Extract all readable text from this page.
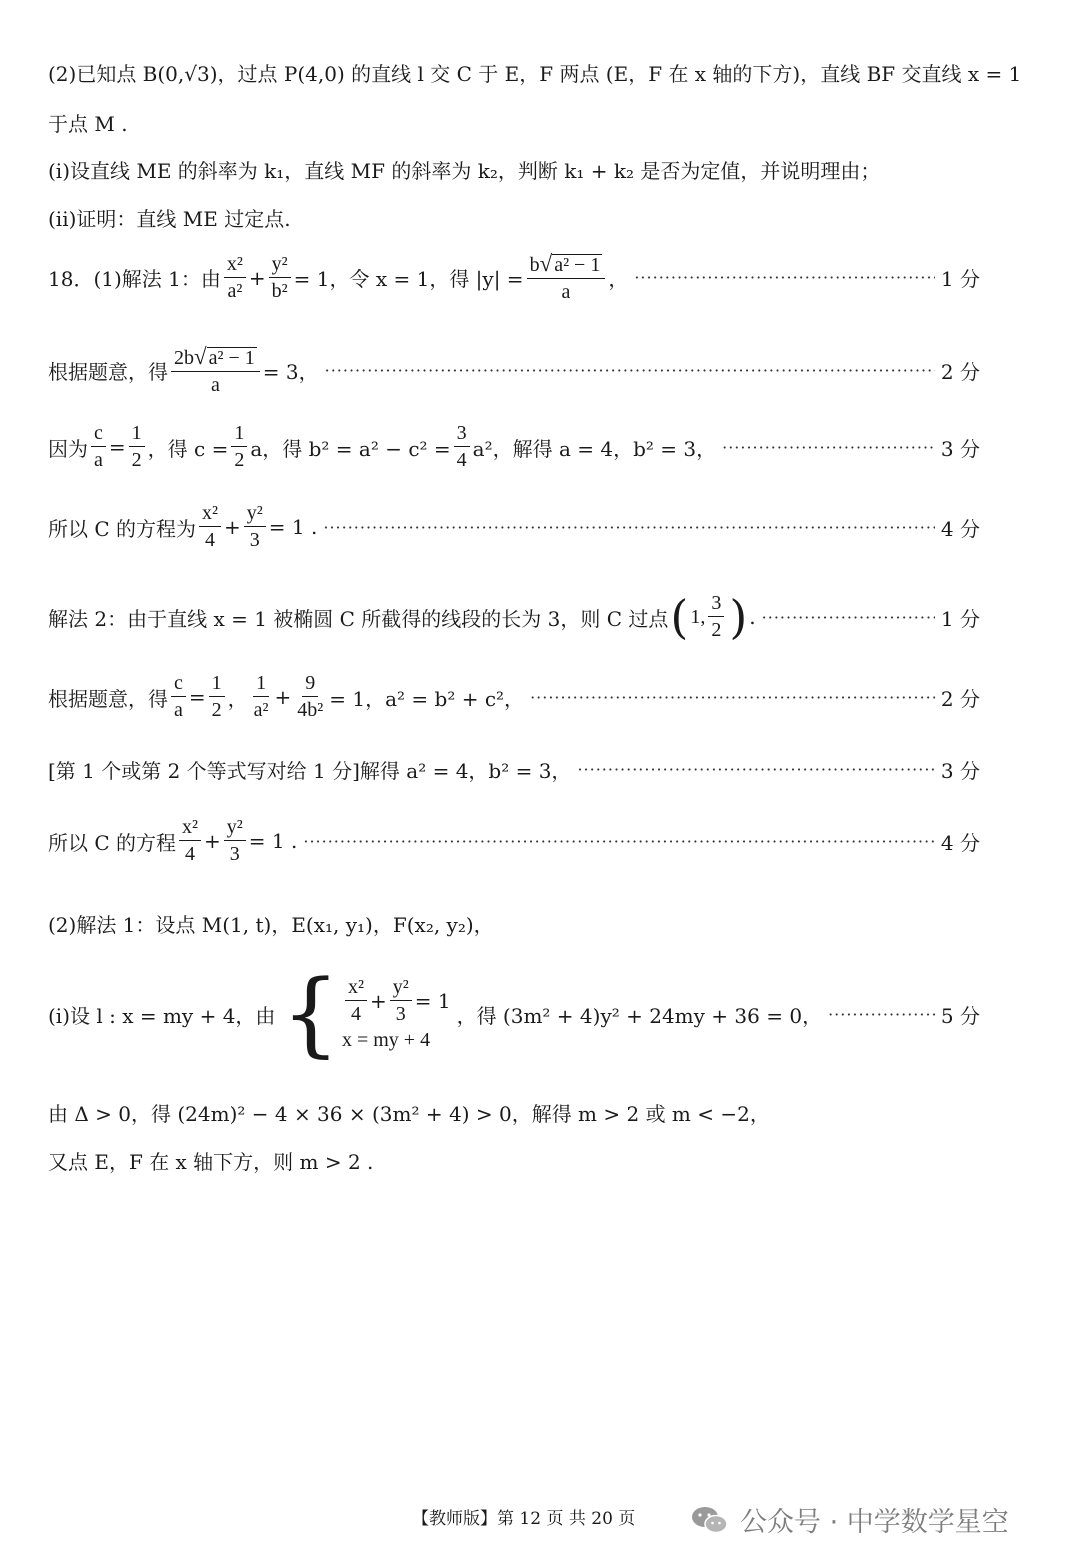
(2)已知点 B(0,√3)，过点 P(4,0) 的直线 l 交 C 于 E，F 两点 (E，F 在 x 轴的下方)，直线 BF 交直线 x = 1
于点 M .
(i)设直线 ME 的斜率为 k₁，直线 MF 的斜率为 k₂，判断 k₁ + k₂ 是否为定值，并说明理由；
(ii)证明：直线 ME 过定点.
18．(1)解法 1：由 $\frac{\text{x²}}{\text{a²}} + \frac{\text{y²}}{\text{b²}} = 1$，令 x = 1，得 $|y| = \frac{\text{b √ a² − 1}}{a}$ ， ·····	1 分
根据题意，得 $\frac{\text{2b √ a² − 1}}{a} = 3$， ·····	2 分
因为 $\frac{c}{a} = \frac{1}{2}$ ，得 $c = \frac{1}{2}$ a，得 $b^2 = a^2 - c^2 = \frac{3}{4} a^2$，解得 a = 4，b² = 3， ·····	3 分
所以 C 的方程为 $\frac{\text{x²}}{4} + \frac{\text{y²}}{3} = 1$ . ·····	4 分
解法 2：由于直线 x = 1 被椭圆 C 所截得的线段的长为 3，则 C 过点 ( 1, $\frac{3}{2}$ ) . ·····	1 分
根据题意，得 $\frac{c}{a} = \frac{1}{2}$ ， $\frac{1}{\text{a²}} + \frac{9}{\text{4b²}} = 1$，a² = b² + c²， ·····	2 分
[第 1 个或第 2 个等式写对给 1 分]解得 a² = 4，b² = 3， ·····	3 分
所以 C 的方程 $\frac{\text{x²}}{4} + \frac{\text{y²}}{3} = 1$ . ·····	4 分
(2)解法 1：设点 M(1, t)，E(x₁, y₁)，F(x₂, y₂)，
(i)设 l : x = my + 4，由 { $\frac{\text{x²}}{4} + \frac{\text{y²}}{3} = 1$
x = my + 4
，得 (3m² + 4)y² + 24my + 36 = 0， ·····	5 分
由 Δ > 0，得 (24m)² − 4 × 36 × (3m² + 4) > 0，解得 m > 2 或 m < −2，
又点 E，F 在 x 轴下方，则 m > 2 .
【教师版】第 12 页 共 20 页	公众号 · 中学数学星空
